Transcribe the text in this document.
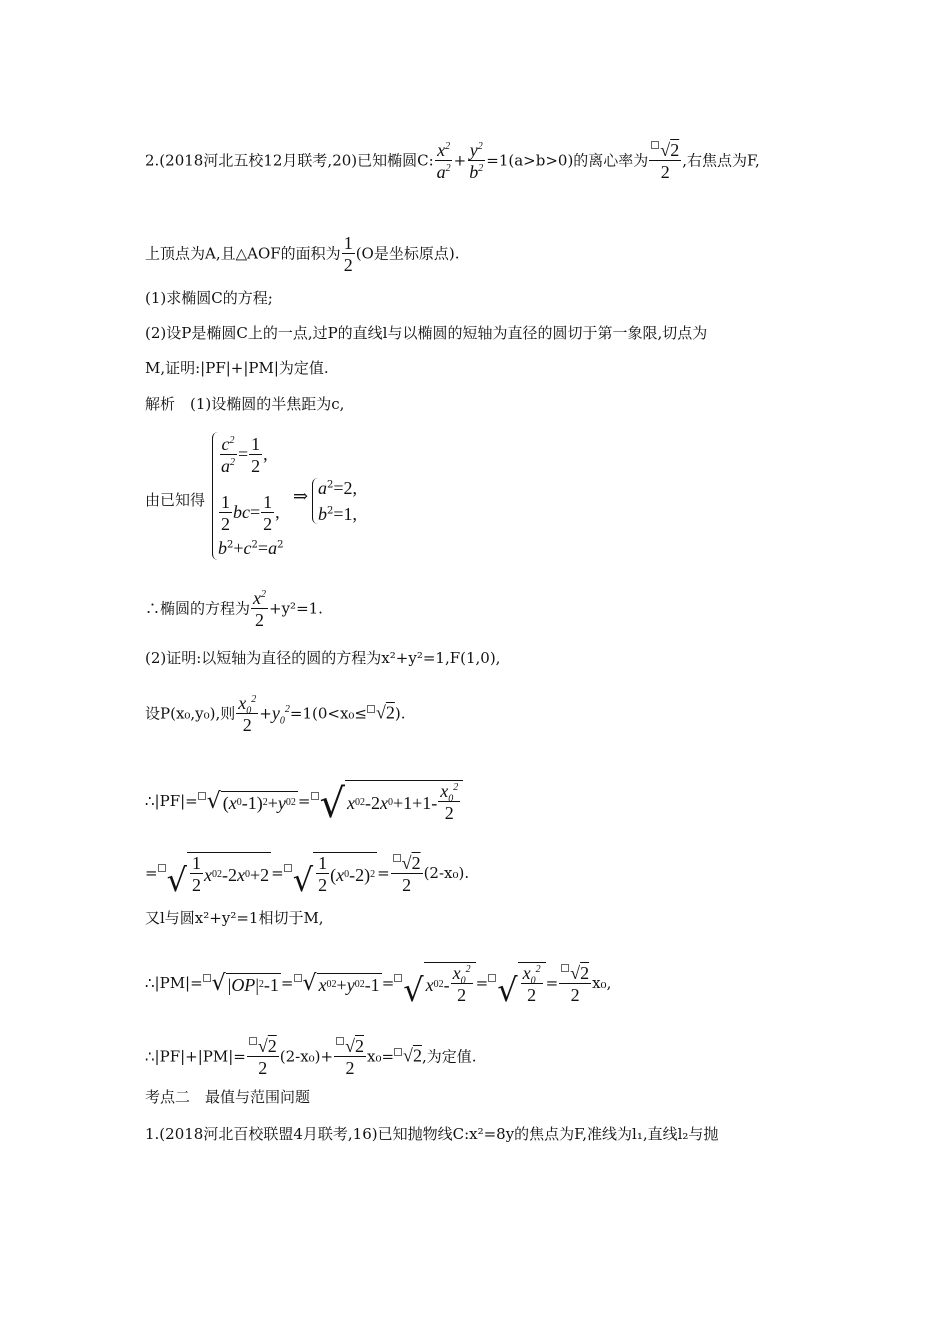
2.(2018河北五校12月联考,20)已知椭圆C: $\frac{x^2}{a^2} + \frac{y^2}{b^2} =1(a>b>0)$的离心率为 $\frac{√2}{2}$ ,右焦点为F,
上顶点为A,且△AOF的面积为 $\frac{1}{2} (O$是坐标原点).
(1)求椭圆C的方程;
(2)设P是椭圆C上的一点,过P的直线l与以椭圆的短轴为直径的圆切于第一象限,切点为
M,证明:|PF|+|PM|为定值.
解析　(1)设椭圆的半焦距为c,
由已知得
$\frac{c^2}{a^2} = \frac{1}{2}$ ,
$\frac{1}{2} bc= \frac{1}{2}$ ,
$b^2+c^2=a^2$
⇒ $a^2=2$,
$b^2=1$,
∴椭圆的方程为 $\frac{x^2}{2} +y^2=1$.
(2)证明:以短轴为直径的圆的方程为x²+y²=1,F(1,0),
设P(x₀,y₀),则 $\frac{x_0^2}{2} +y_0^2=1(0<x_0\le √2)$.
∴|PF|= √ ( x 0 -1) 2 + y 0 2 = √ x 0 2 -2 x $0 +1+1- \frac{x_0^2}{2}$
= √ $\frac{1}{2}$ x 0 2 -2 x 0 +2 = √ $\frac{1}{2}$ ( x 0 -2) $2 = \frac{√2}{2} (2-x_0)$.
又l与圆x²+y²=1相切于M,
∴|PM|= √ | OP | 2 -1 = √ x 0 2 + y 0 2 -1 = √ x 0 $2 - \frac{x_0^2}{2}$ = √ $\frac{x_0^2}{2} = \frac{√2}{2} x_0$,
∴|PF|+|PM|= $\frac{√2}{2} (2-x_0)+ \frac{√2}{2} x_0= √2$,为定值.
考点二　最值与范围问题
1.(2018河北百校联盟4月联考,16)已知抛物线C:x²=8y的焦点为F,准线为l₁,直线l₂与抛
